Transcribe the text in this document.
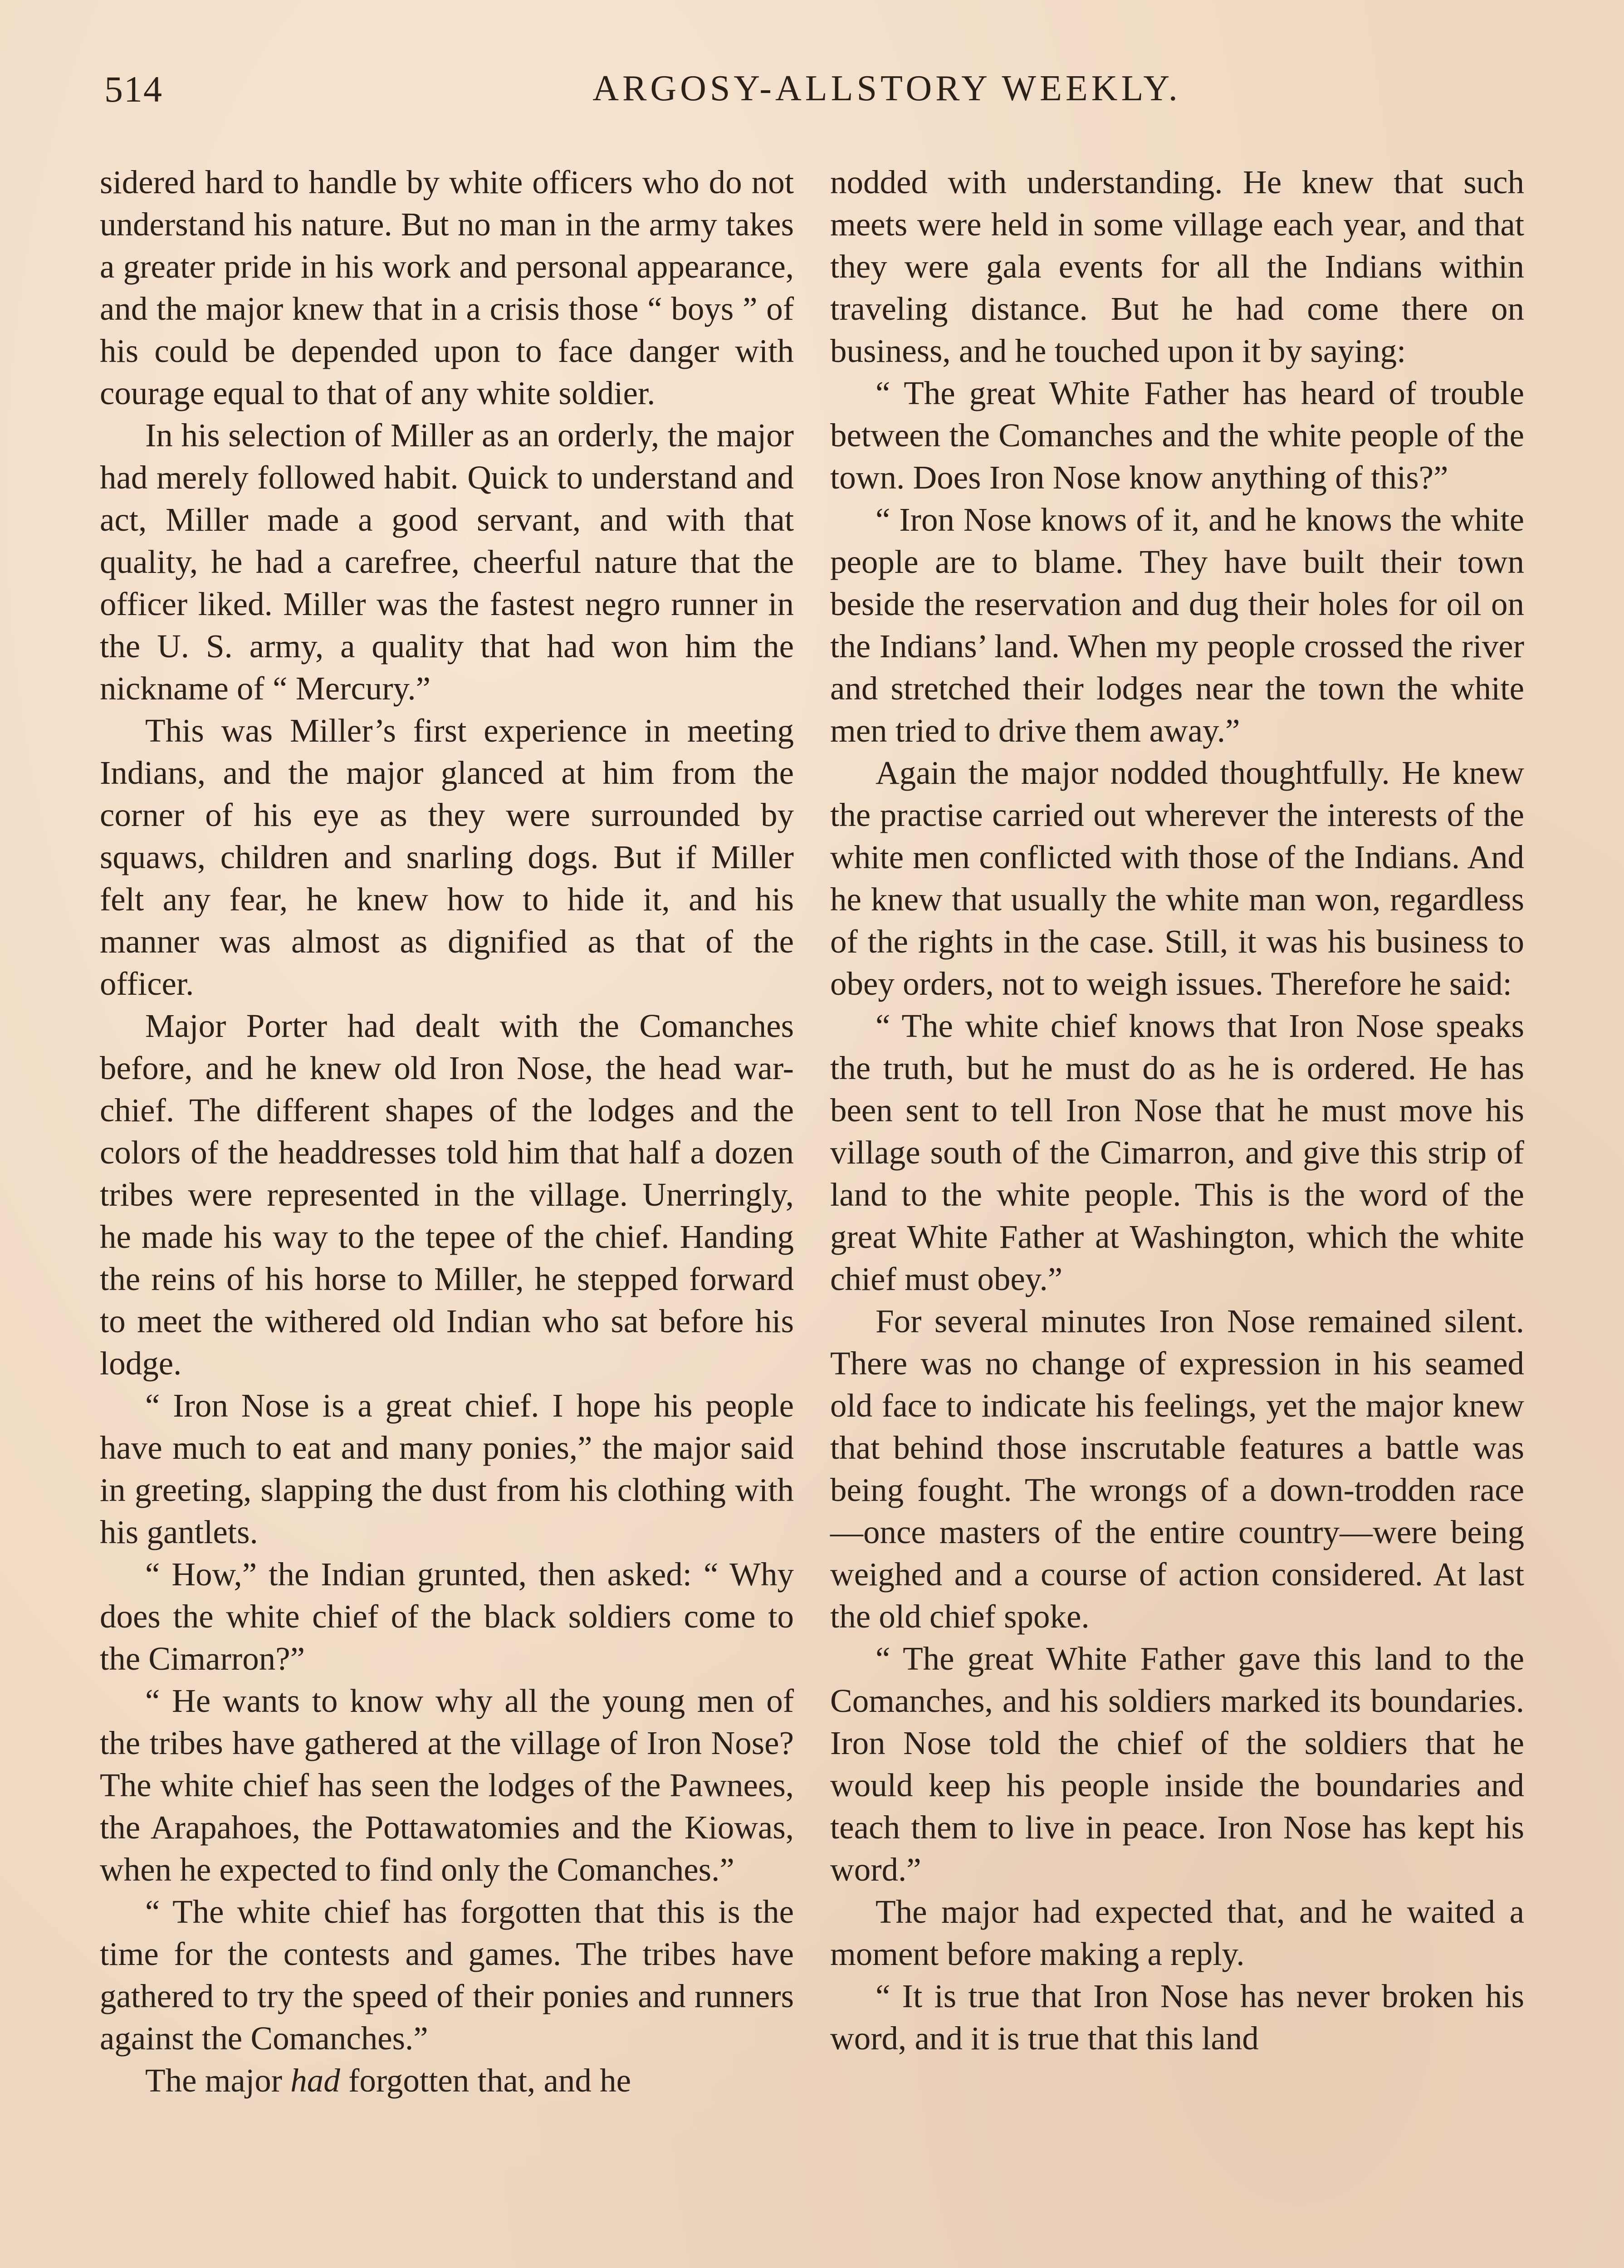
514	ARGOSY-ALLSTORY WEEKLY.

sidered hard to handle by white officers who do not understand his nature. But no man in the army takes a greater pride in his work and personal appearance, and the major knew that in a crisis those “ boys ” of his could be depended upon to face danger with courage equal to that of any white soldier.

In his selection of Miller as an orderly, the major had merely followed habit. Quick to understand and act, Miller made a good servant, and with that quality, he had a carefree, cheerful nature that the officer liked. Miller was the fastest negro runner in the U. S. army, a quality that had won him the nickname of “ Mercury.”

This was Miller’s first experience in meeting Indians, and the major glanced at him from the corner of his eye as they were surrounded by squaws, children and snarling dogs. But if Miller felt any fear, he knew how to hide it, and his manner was almost as dignified as that of the officer.

Major Porter had dealt with the Comanches before, and he knew old Iron Nose, the head war-chief. The different shapes of the lodges and the colors of the headdresses told him that half a dozen tribes were represented in the village. Unerringly, he made his way to the tepee of the chief. Handing the reins of his horse to Miller, he stepped forward to meet the withered old Indian who sat before his lodge.

“ Iron Nose is a great chief. I hope his people have much to eat and many ponies,” the major said in greeting, slapping the dust from his clothing with his gantlets.

“ How,” the Indian grunted, then asked: “ Why does the white chief of the black soldiers come to the Cimarron?”

“ He wants to know why all the young men of the tribes have gathered at the village of Iron Nose? The white chief has seen the lodges of the Pawnees, the Arapahoes, the Pottawatomies and the Kiowas, when he expected to find only the Comanches.”

“ The white chief has forgotten that this is the time for the contests and games. The tribes have gathered to try the speed of their ponies and runners against the Comanches.”

The major had forgotten that, and he

nodded with understanding. He knew that such meets were held in some village each year, and that they were gala events for all the Indians within traveling distance. But he had come there on business, and he touched upon it by saying:

“ The great White Father has heard of trouble between the Comanches and the white people of the town. Does Iron Nose know anything of this?”

“ Iron Nose knows of it, and he knows the white people are to blame. They have built their town beside the reservation and dug their holes for oil on the Indians’ land. When my people crossed the river and stretched their lodges near the town the white men tried to drive them away.”

Again the major nodded thoughtfully. He knew the practise carried out wherever the interests of the white men conflicted with those of the Indians. And he knew that usually the white man won, regardless of the rights in the case. Still, it was his business to obey orders, not to weigh issues. Therefore he said:

“ The white chief knows that Iron Nose speaks the truth, but he must do as he is ordered. He has been sent to tell Iron Nose that he must move his village south of the Cimarron, and give this strip of land to the white people. This is the word of the great White Father at Washington, which the white chief must obey.”

For several minutes Iron Nose remained silent. There was no change of expression in his seamed old face to indicate his feelings, yet the major knew that behind those inscrutable features a battle was being fought. The wrongs of a down-trodden race —once masters of the entire country—were being weighed and a course of action considered. At last the old chief spoke.

“ The great White Father gave this land to the Comanches, and his soldiers marked its boundaries. Iron Nose told the chief of the soldiers that he would keep his people inside the boundaries and teach them to live in peace. Iron Nose has kept his word.”

The major had expected that, and he waited a moment before making a reply.

“ It is true that Iron Nose has never broken his word, and it is true that this land
